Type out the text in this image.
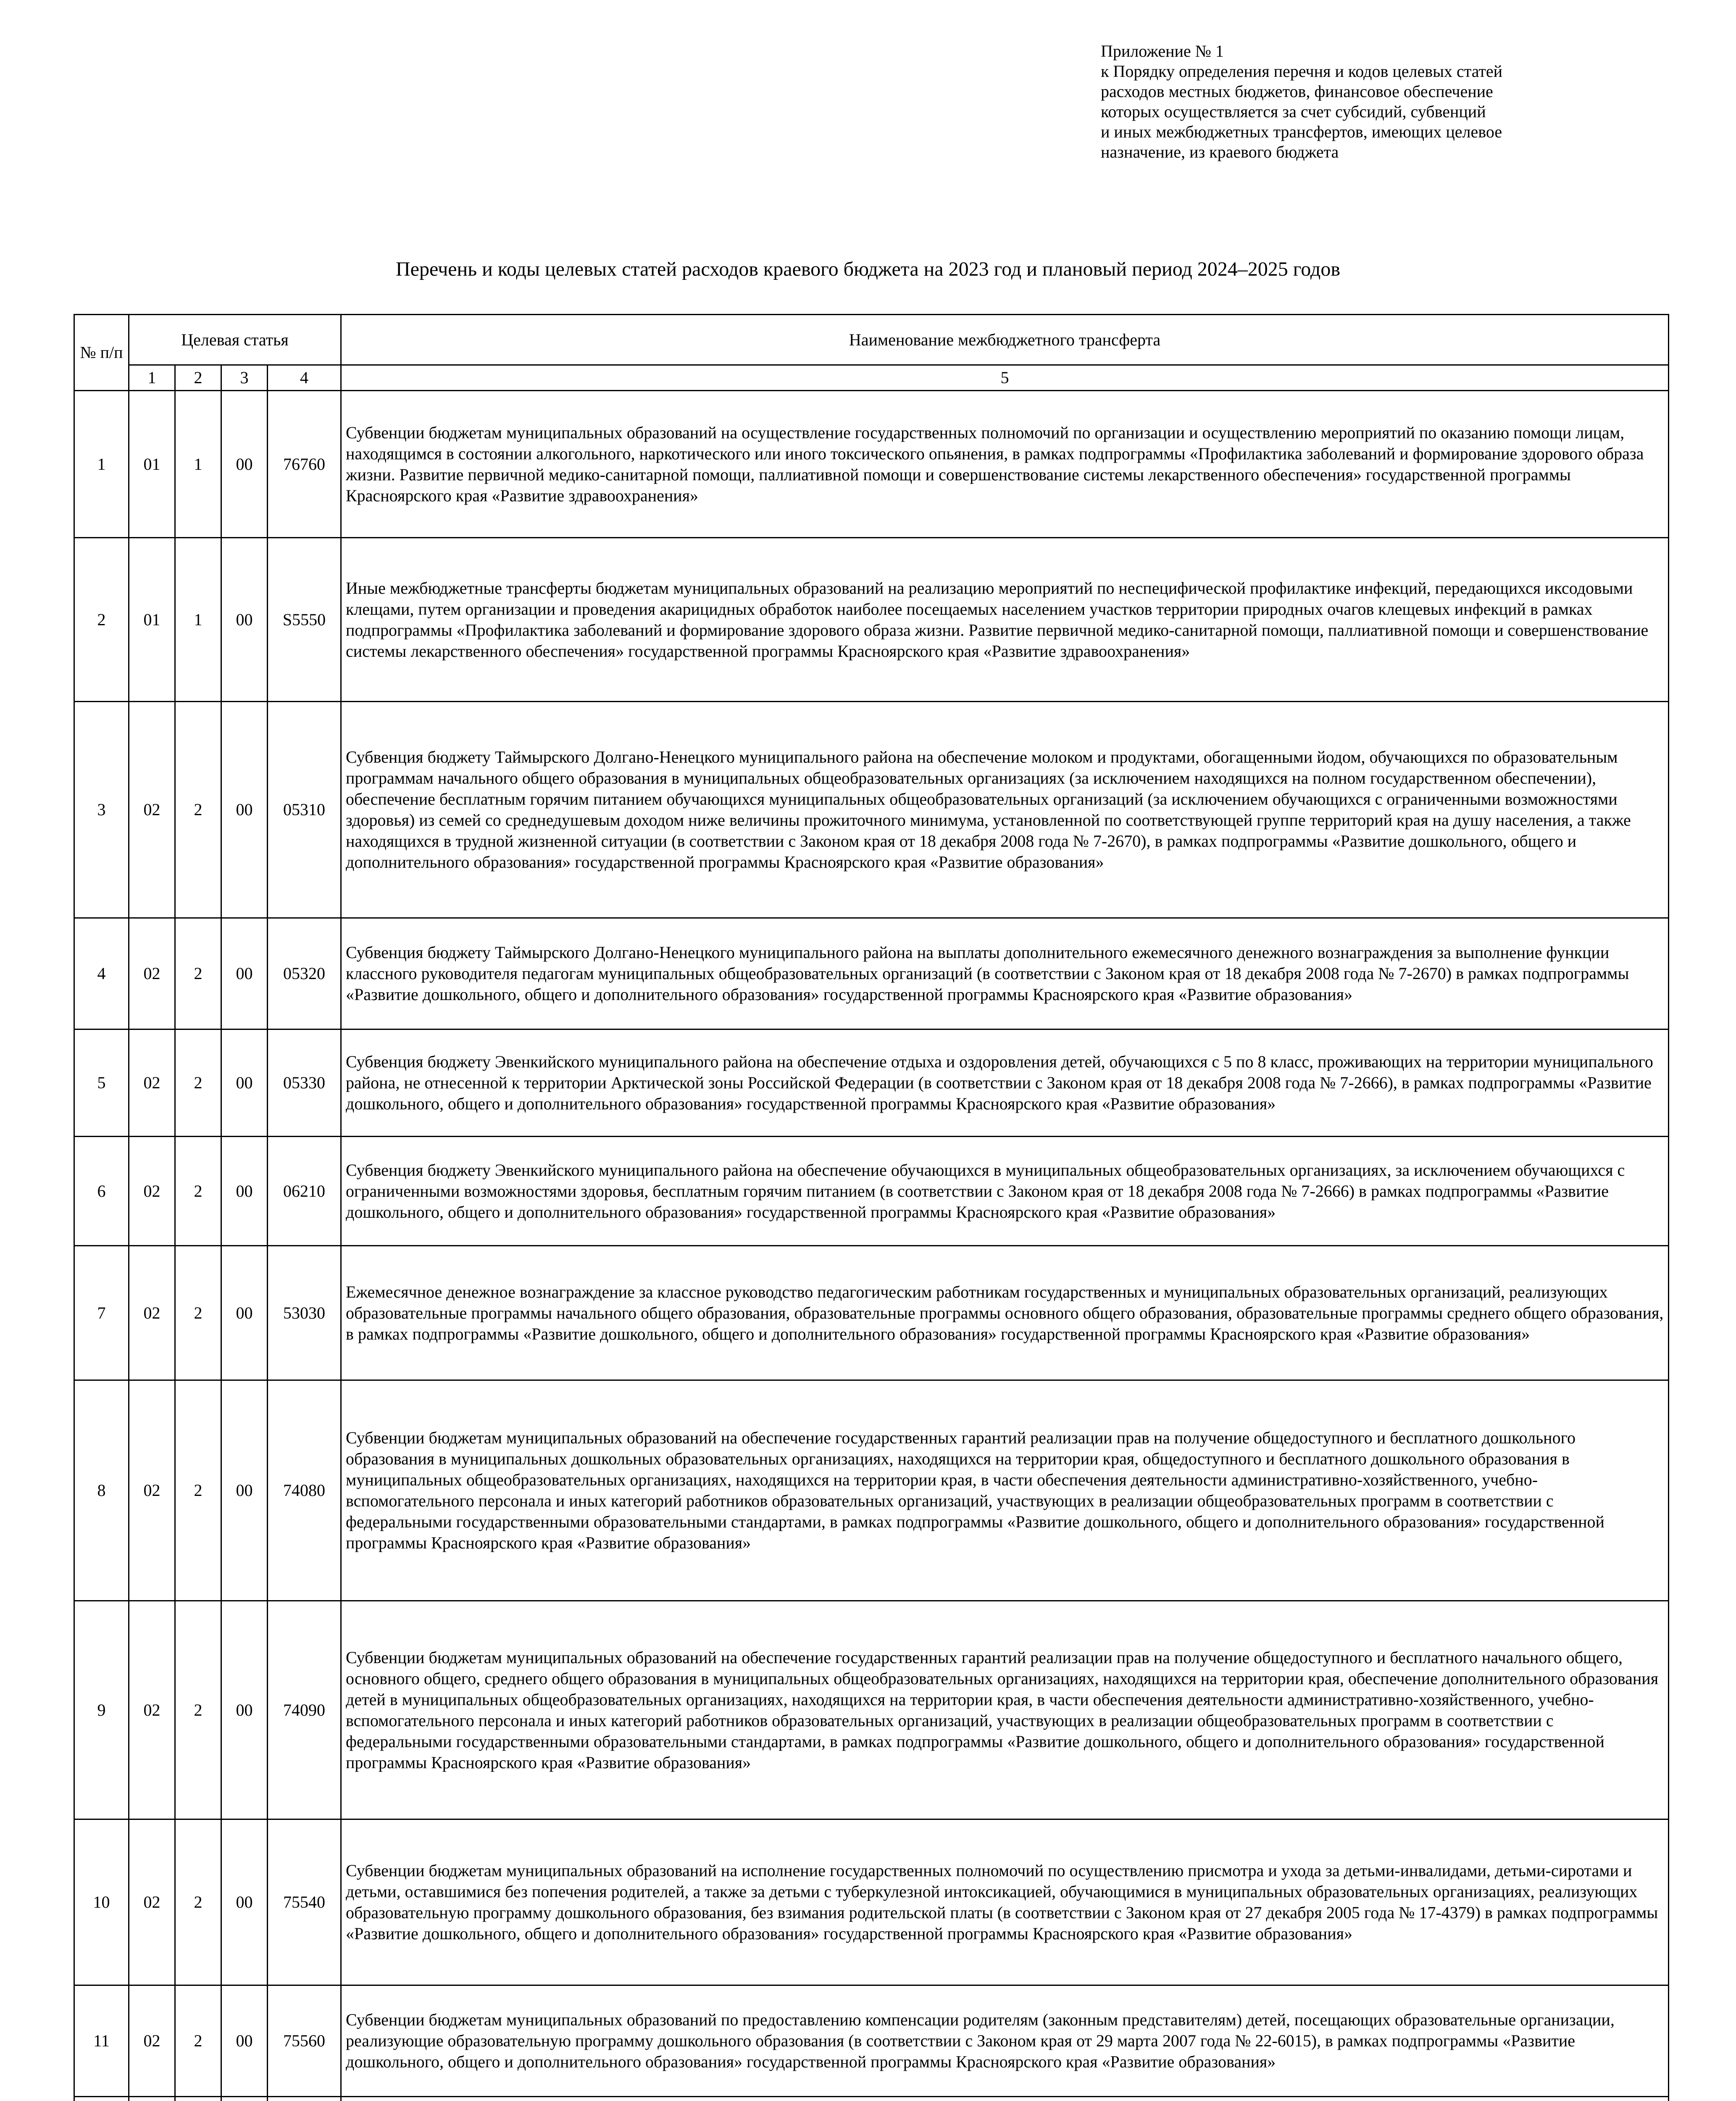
Приложение № 1
к Порядку определения перечня и кодов целевых статей
расходов местных бюджетов, финансовое обеспечение
которых осуществляется за счет субсидий, субвенций
и иных межбюджетных трансфертов, имеющих целевое
назначение, из краевого бюджета
Перечень и коды целевых статей расходов краевого бюджета на 2023 год и плановый период 2024–2025 годов
№ п/п	Целевая статья				Наименование межбюджетного трансферта
	1	2	3	4	5
1	01	1	00	76760	Субвенции бюджетам муниципальных образований на осуществление государственных полномочий по организации и осуществлению мероприятий по оказанию помощи лицам, находящимся в состоянии алкогольного, наркотического или иного токсического опьянения, в рамках подпрограммы «Профилактика заболеваний и формирование здорового образа жизни. Развитие первичной медико-санитарной помощи, паллиативной помощи и совершенствование системы лекарственного обеспечения» государственной программы Красноярского края «Развитие здравоохранения»
2	01	1	00	S5550	Иные межбюджетные трансферты бюджетам муниципальных образований на реализацию мероприятий по неспецифической профилактике инфекций, передающихся иксодовыми клещами, путем организации и проведения акарицидных обработок наиболее посещаемых населением участков территории природных очагов клещевых инфекций в рамках подпрограммы «Профилактика заболеваний и формирование здорового образа жизни. Развитие первичной медико-санитарной помощи, паллиативной помощи и совершенствование системы лекарственного обеспечения» государственной программы Красноярского края «Развитие здравоохранения»
3	02	2	00	05310	Субвенция бюджету Таймырского Долгано-Ненецкого муниципального района на обеспечение молоком и продуктами, обогащенными йодом, обучающихся по образовательным программам начального общего образования в муниципальных общеобразовательных организациях (за исключением находящихся на полном государственном обеспечении), обеспечение бесплатным горячим питанием обучающихся муниципальных общеобразовательных организаций (за исключением обучающихся с ограниченными возможностями здоровья) из семей со среднедушевым доходом ниже величины прожиточного минимума, установленной по соответствующей группе территорий края на душу населения, а также находящихся в трудной жизненной ситуации (в соответствии с Законом края от 18 декабря 2008 года № 7-2670), в рамках подпрограммы «Развитие дошкольного, общего и дополнительного образования» государственной программы Красноярского края «Развитие образования»
4	02	2	00	05320	Субвенция бюджету Таймырского Долгано-Ненецкого муниципального района на выплаты дополнительного ежемесячного денежного вознаграждения за выполнение функции классного руководителя педагогам муниципальных общеобразовательных организаций (в соответствии с Законом края от 18 декабря 2008 года № 7-2670) в рамках подпрограммы «Развитие дошкольного, общего и дополнительного образования» государственной программы Красноярского края «Развитие образования»
5	02	2	00	05330	Субвенция бюджету Эвенкийского муниципального района на обеспечение отдыха и оздоровления детей, обучающихся с 5 по 8 класс, проживающих на территории муниципального района, не отнесенной к территории Арктической зоны Российской Федерации (в соответствии с Законом края от 18 декабря 2008 года № 7-2666), в рамках подпрограммы «Развитие дошкольного, общего и дополнительного образования» государственной программы Красноярского края «Развитие образования»
6	02	2	00	06210	Субвенция бюджету Эвенкийского муниципального района на обеспечение обучающихся в муниципальных общеобразовательных организациях, за исключением обучающихся с ограниченными возможностями здоровья, бесплатным горячим питанием (в соответствии с Законом края от 18 декабря 2008 года № 7-2666) в рамках подпрограммы «Развитие дошкольного, общего и дополнительного образования» государственной программы Красноярского края «Развитие образования»
7	02	2	00	53030	Ежемесячное денежное вознаграждение за классное руководство педагогическим работникам государственных и муниципальных образовательных организаций, реализующих образовательные программы начального общего образования, образовательные программы основного общего образования, образовательные программы среднего общего образования, в рамках подпрограммы «Развитие дошкольного, общего и дополнительного образования» государственной программы Красноярского края «Развитие образования»
8	02	2	00	74080	Субвенции бюджетам муниципальных образований на обеспечение государственных гарантий реализации прав на получение общедоступного и бесплатного дошкольного образования в муниципальных дошкольных образовательных организациях, находящихся на территории края, общедоступного и бесплатного дошкольного образования в муниципальных общеобразовательных организациях, находящихся на территории края, в части обеспечения деятельности административно-хозяйственного, учебно-вспомогательного персонала и иных категорий работников образовательных организаций, участвующих в реализации общеобразовательных программ в соответствии с федеральными государственными образовательными стандартами, в рамках подпрограммы «Развитие дошкольного, общего и дополнительного образования» государственной программы Красноярского края «Развитие образования»
9	02	2	00	74090	Субвенции бюджетам муниципальных образований на обеспечение государственных гарантий реализации прав на получение общедоступного и бесплатного начального общего, основного общего, среднего общего образования в муниципальных общеобразовательных организациях, находящихся на территории края, обеспечение дополнительного образования детей в муниципальных общеобразовательных организациях, находящихся на территории края, в части обеспечения деятельности административно-хозяйственного, учебно-вспомогательного персонала и иных категорий работников образовательных организаций, участвующих в реализации общеобразовательных программ в соответствии с федеральными государственными образовательными стандартами, в рамках подпрограммы «Развитие дошкольного, общего и дополнительного образования» государственной программы Красноярского края «Развитие образования»
10	02	2	00	75540	Субвенции бюджетам муниципальных образований на исполнение государственных полномочий по осуществлению присмотра и ухода за детьми-инвалидами, детьми-сиротами и детьми, оставшимися без попечения родителей, а также за детьми с туберкулезной интоксикацией, обучающимися в муниципальных образовательных организациях, реализующих образовательную программу дошкольного образования, без взимания родительской платы (в соответствии с Законом края от 27 декабря 2005 года № 17-4379) в рамках подпрограммы «Развитие дошкольного, общего и дополнительного образования» государственной программы Красноярского края «Развитие образования»
11	02	2	00	75560	Субвенции бюджетам муниципальных образований по предоставлению компенсации родителям (законным представителям) детей, посещающих образовательные организации, реализующие образовательную программу дошкольного образования (в соответствии с Законом края от 29 марта 2007 года № 22-6015), в рамках подпрограммы «Развитие дошкольного, общего и дополнительного образования» государственной программы Красноярского края «Развитие образования»
